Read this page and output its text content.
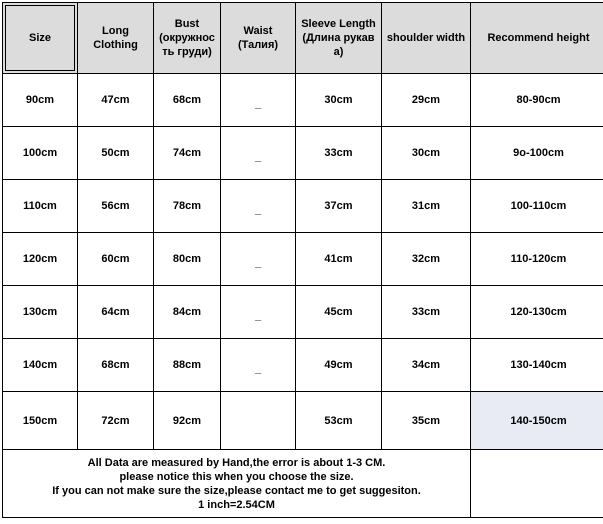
Size	Long Clothing	Bust (окружнос ть груди)	Waist (Талия)	Sleeve Length (Длина рукав а)	shoulder width	Recommend height
90cm	47cm	68cm	_	30cm	29cm	80-90cm
100cm	50cm	74cm	_	33cm	30cm	9o-100cm
110cm	56cm	78cm	_	37cm	31cm	100-110cm
120cm	60cm	80cm	_	41cm	32cm	110-120cm
130cm	64cm	84cm	_	45cm	33cm	120-130cm
140cm	68cm	88cm	_	49cm	34cm	130-140cm
150cm	72cm	92cm		53cm	35cm	140-150cm

All Data are measured by Hand,the error is about 1-3 CM.
please notice this when you choose the size.
If you can not make sure the size,please contact me to get suggesiton.
1 inch=2.54CM						
